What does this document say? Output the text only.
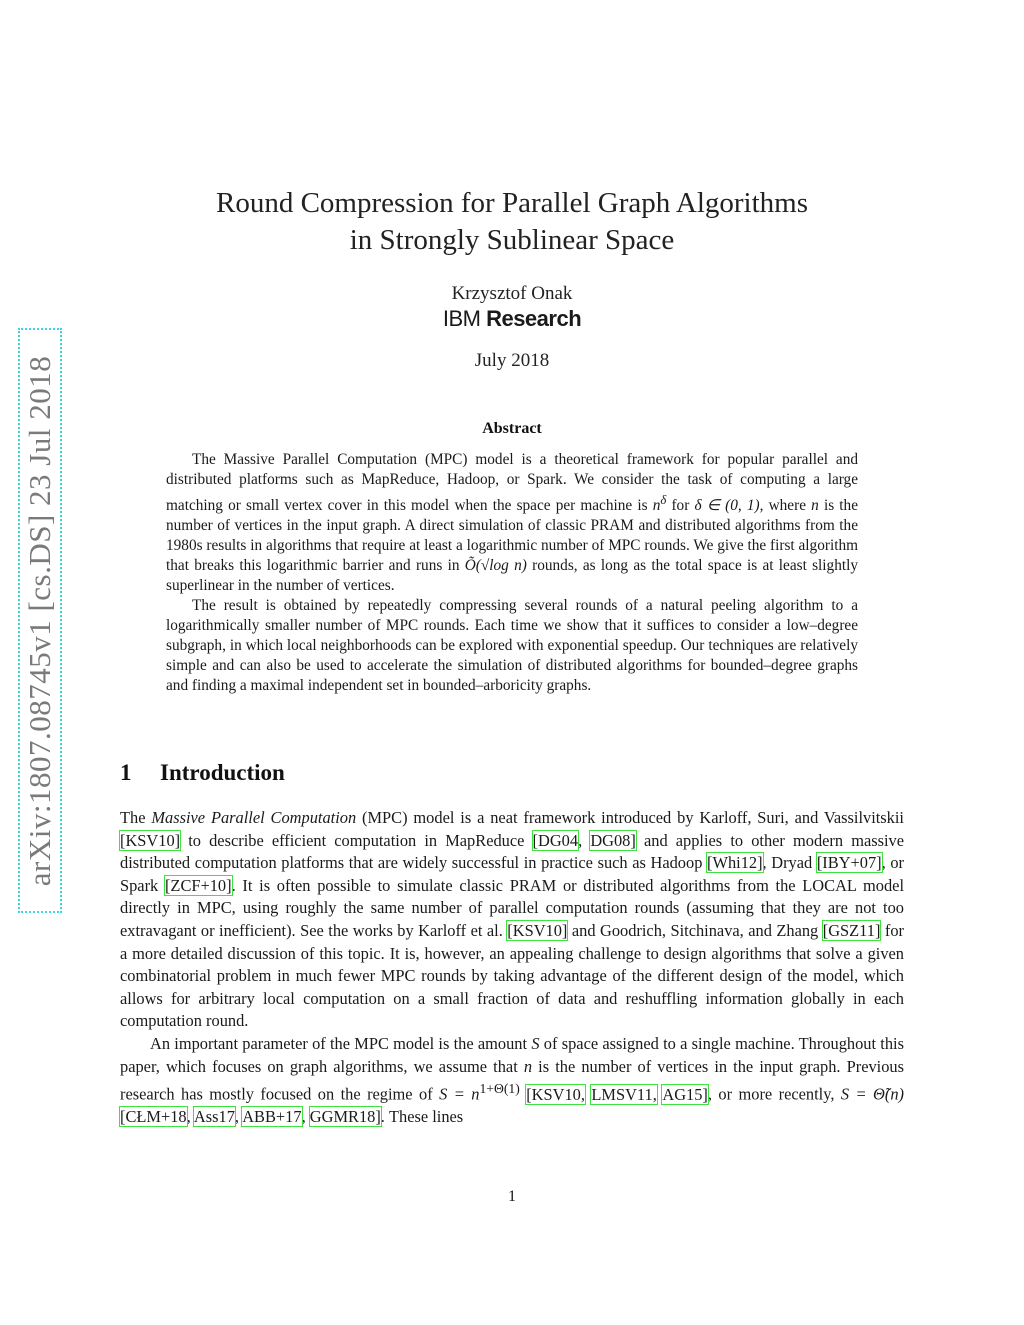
arXiv:1807.08745v1 [cs.DS] 23 Jul 2018
Round Compression for Parallel Graph Algorithms
in Strongly Sublinear Space
Krzysztof Onak
IBM Research
July 2018
Abstract

The Massive Parallel Computation (MPC) model is a theoretical framework for popular parallel and distributed platforms such as MapReduce, Hadoop, or Spark. We consider the task of computing a large matching or small vertex cover in this model when the space per machine is $n^\delta$ for δ ∈ (0, 1), where n is the number of vertices in the input graph. A direct simulation of classic PRAM and distributed algorithms from the 1980s results in algorithms that require at least a logarithmic number of MPC rounds. We give the first algorithm that breaks this logarithmic barrier and runs in Õ(√log n) rounds, as long as the total space is at least slightly superlinear in the number of vertices.

The result is obtained by repeatedly compressing several rounds of a natural peeling algorithm to a logarithmically smaller number of MPC rounds. Each time we show that it suffices to consider a low–degree subgraph, in which local neighborhoods can be explored with exponential speedup. Our techniques are relatively simple and can also be used to accelerate the simulation of distributed algorithms for bounded–degree graphs and finding a maximal independent set in bounded–arboricity graphs.

1 Introduction

The Massive Parallel Computation (MPC) model is a neat framework introduced by Karloff, Suri, and Vassilvitskii [KSV10] to describe efficient computation in MapReduce [DG04, DG08] and applies to other modern massive distributed computation platforms that are widely successful in practice such as Hadoop [Whi12], Dryad [IBY+07], or Spark [ZCF+10]. It is often possible to simulate classic PRAM or distributed algorithms from the LOCAL model directly in MPC, using roughly the same number of parallel computation rounds (assuming that they are not too extravagant or inefficient). See the works by Karloff et al. [KSV10] and Goodrich, Sitchinava, and Zhang [GSZ11] for a more detailed discussion of this topic. It is, however, an appealing challenge to design algorithms that solve a given combinatorial problem in much fewer MPC rounds by taking advantage of the different design of the model, which allows for arbitrary local computation on a small fraction of data and reshuffling information globally in each computation round.

An important parameter of the MPC model is the amount S of space assigned to a single machine. Throughout this paper, which focuses on graph algorithms, we assume that n is the number of vertices in the input graph. Previous research has mostly focused on the regime of $S = n^{1+\Theta(1)}$ [KSV10, LMSV11, AG15], or more recently, S = Θ̃(n) [CŁM+18, Ass17, ABB+17, GGMR18]. These lines

1
